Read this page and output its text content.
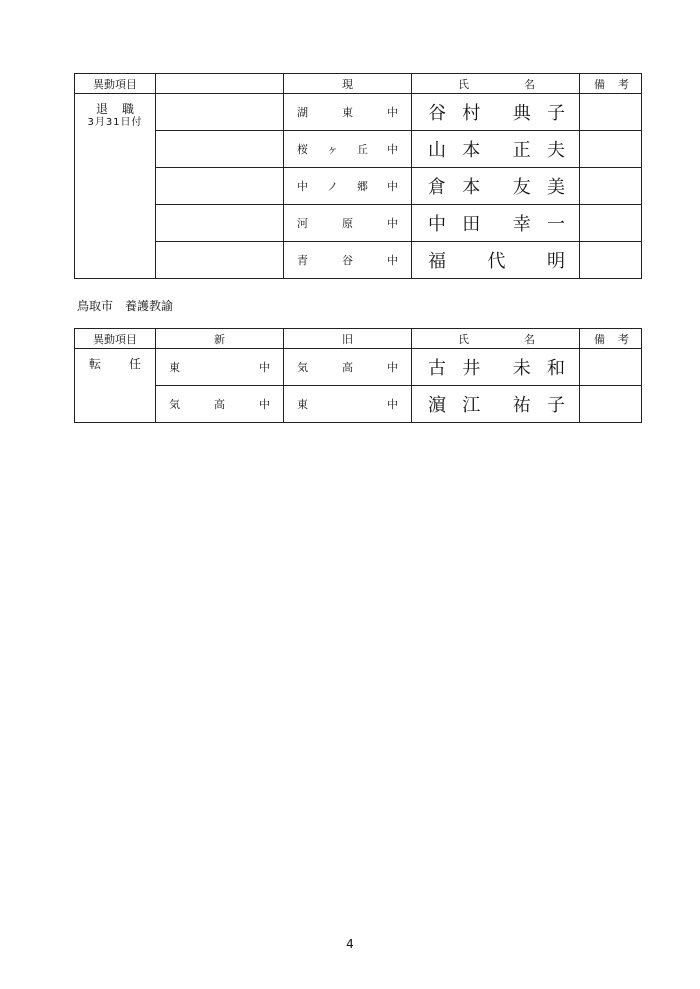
異動項目		現	氏 名	備 考

退職
3月31日付		湖 東 中	谷 村 典 子	

		桜 ヶ 丘 中	山 本 正 夫	

		中 ノ 郷 中	倉 本 友 美	

		河 原 中	中 田 幸 一	

		青 谷 中	福 代 明	

鳥取市 養護教諭
異動項目	新	旧	氏 名	備 考

転 任	東 中	気 高 中	古 井 未 和	

	気 高 中	東 中	濵 江 祐 子	

4
